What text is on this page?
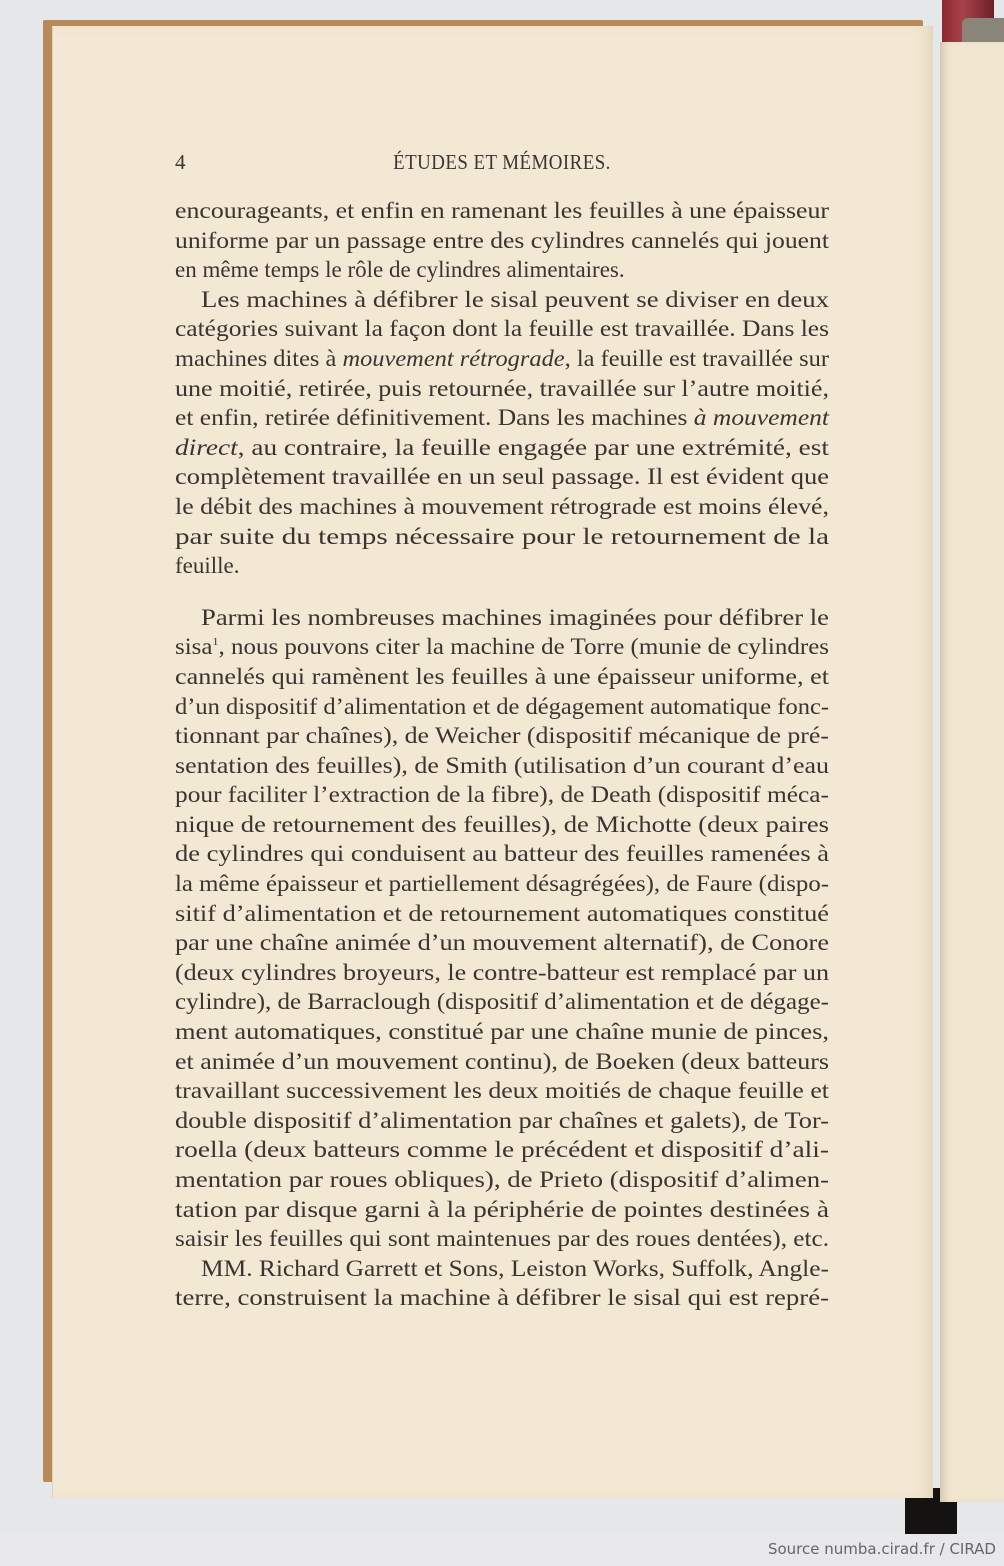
4	ÉTUDES ET MÉMOIRES.
encourageants, et enfin en ramenant les feuilles à une épaisseur
uniforme par un passage entre des cylindres cannelés qui jouent
en même temps le rôle de cylindres alimentaires.
Les machines à défibrer le sisal peuvent se diviser en deux
catégories suivant la façon dont la feuille est travaillée. Dans les
machines dites à mouvement rétrograde, la feuille est travaillée sur
une moitié, retirée, puis retournée, travaillée sur l’autre moitié,
et enfin, retirée définitivement. Dans les machines à mouvement
direct, au contraire, la feuille engagée par une extrémité, est
complètement travaillée en un seul passage. Il est évident que
le débit des machines à mouvement rétrograde est moins élevé,
par suite du temps nécessaire pour le retournement de la
feuille.
Parmi les nombreuses machines imaginées pour défibrer le
sisa$^1$, nous pouvons citer la machine de Torre (munie de cylindres
cannelés qui ramènent les feuilles à une épaisseur uniforme, et
d’un dispositif d’alimentation et de dégagement automatique fonc-
tionnant par chaînes), de Weicher (dispositif mécanique de pré-
sentation des feuilles), de Smith (utilisation d’un courant d’eau
pour faciliter l’extraction de la fibre), de Death (dispositif méca-
nique de retournement des feuilles), de Michotte (deux paires
de cylindres qui conduisent au batteur des feuilles ramenées à
la même épaisseur et partiellement désagrégées), de Faure (dispo-
sitif d’alimentation et de retournement automatiques constitué
par une chaîne animée d’un mouvement alternatif), de Conore
(deux cylindres broyeurs, le contre-batteur est remplacé par un
cylindre), de Barraclough (dispositif d’alimentation et de dégage-
ment automatiques, constitué par une chaîne munie de pinces,
et animée d’un mouvement continu), de Boeken (deux batteurs
travaillant successivement les deux moitiés de chaque feuille et
double dispositif d’alimentation par chaînes et galets), de Tor-
roella (deux batteurs comme le précédent et dispositif d’ali-
mentation par roues obliques), de Prieto (dispositif d’alimen-
tation par disque garni à la périphérie de pointes destinées à
saisir les feuilles qui sont maintenues par des roues dentées), etc.
MM. Richard Garrett et Sons, Leiston Works, Suffolk, Angle-
terre, construisent la machine à défibrer le sisal qui est repré-
Source numba.cirad.fr / CIRAD
